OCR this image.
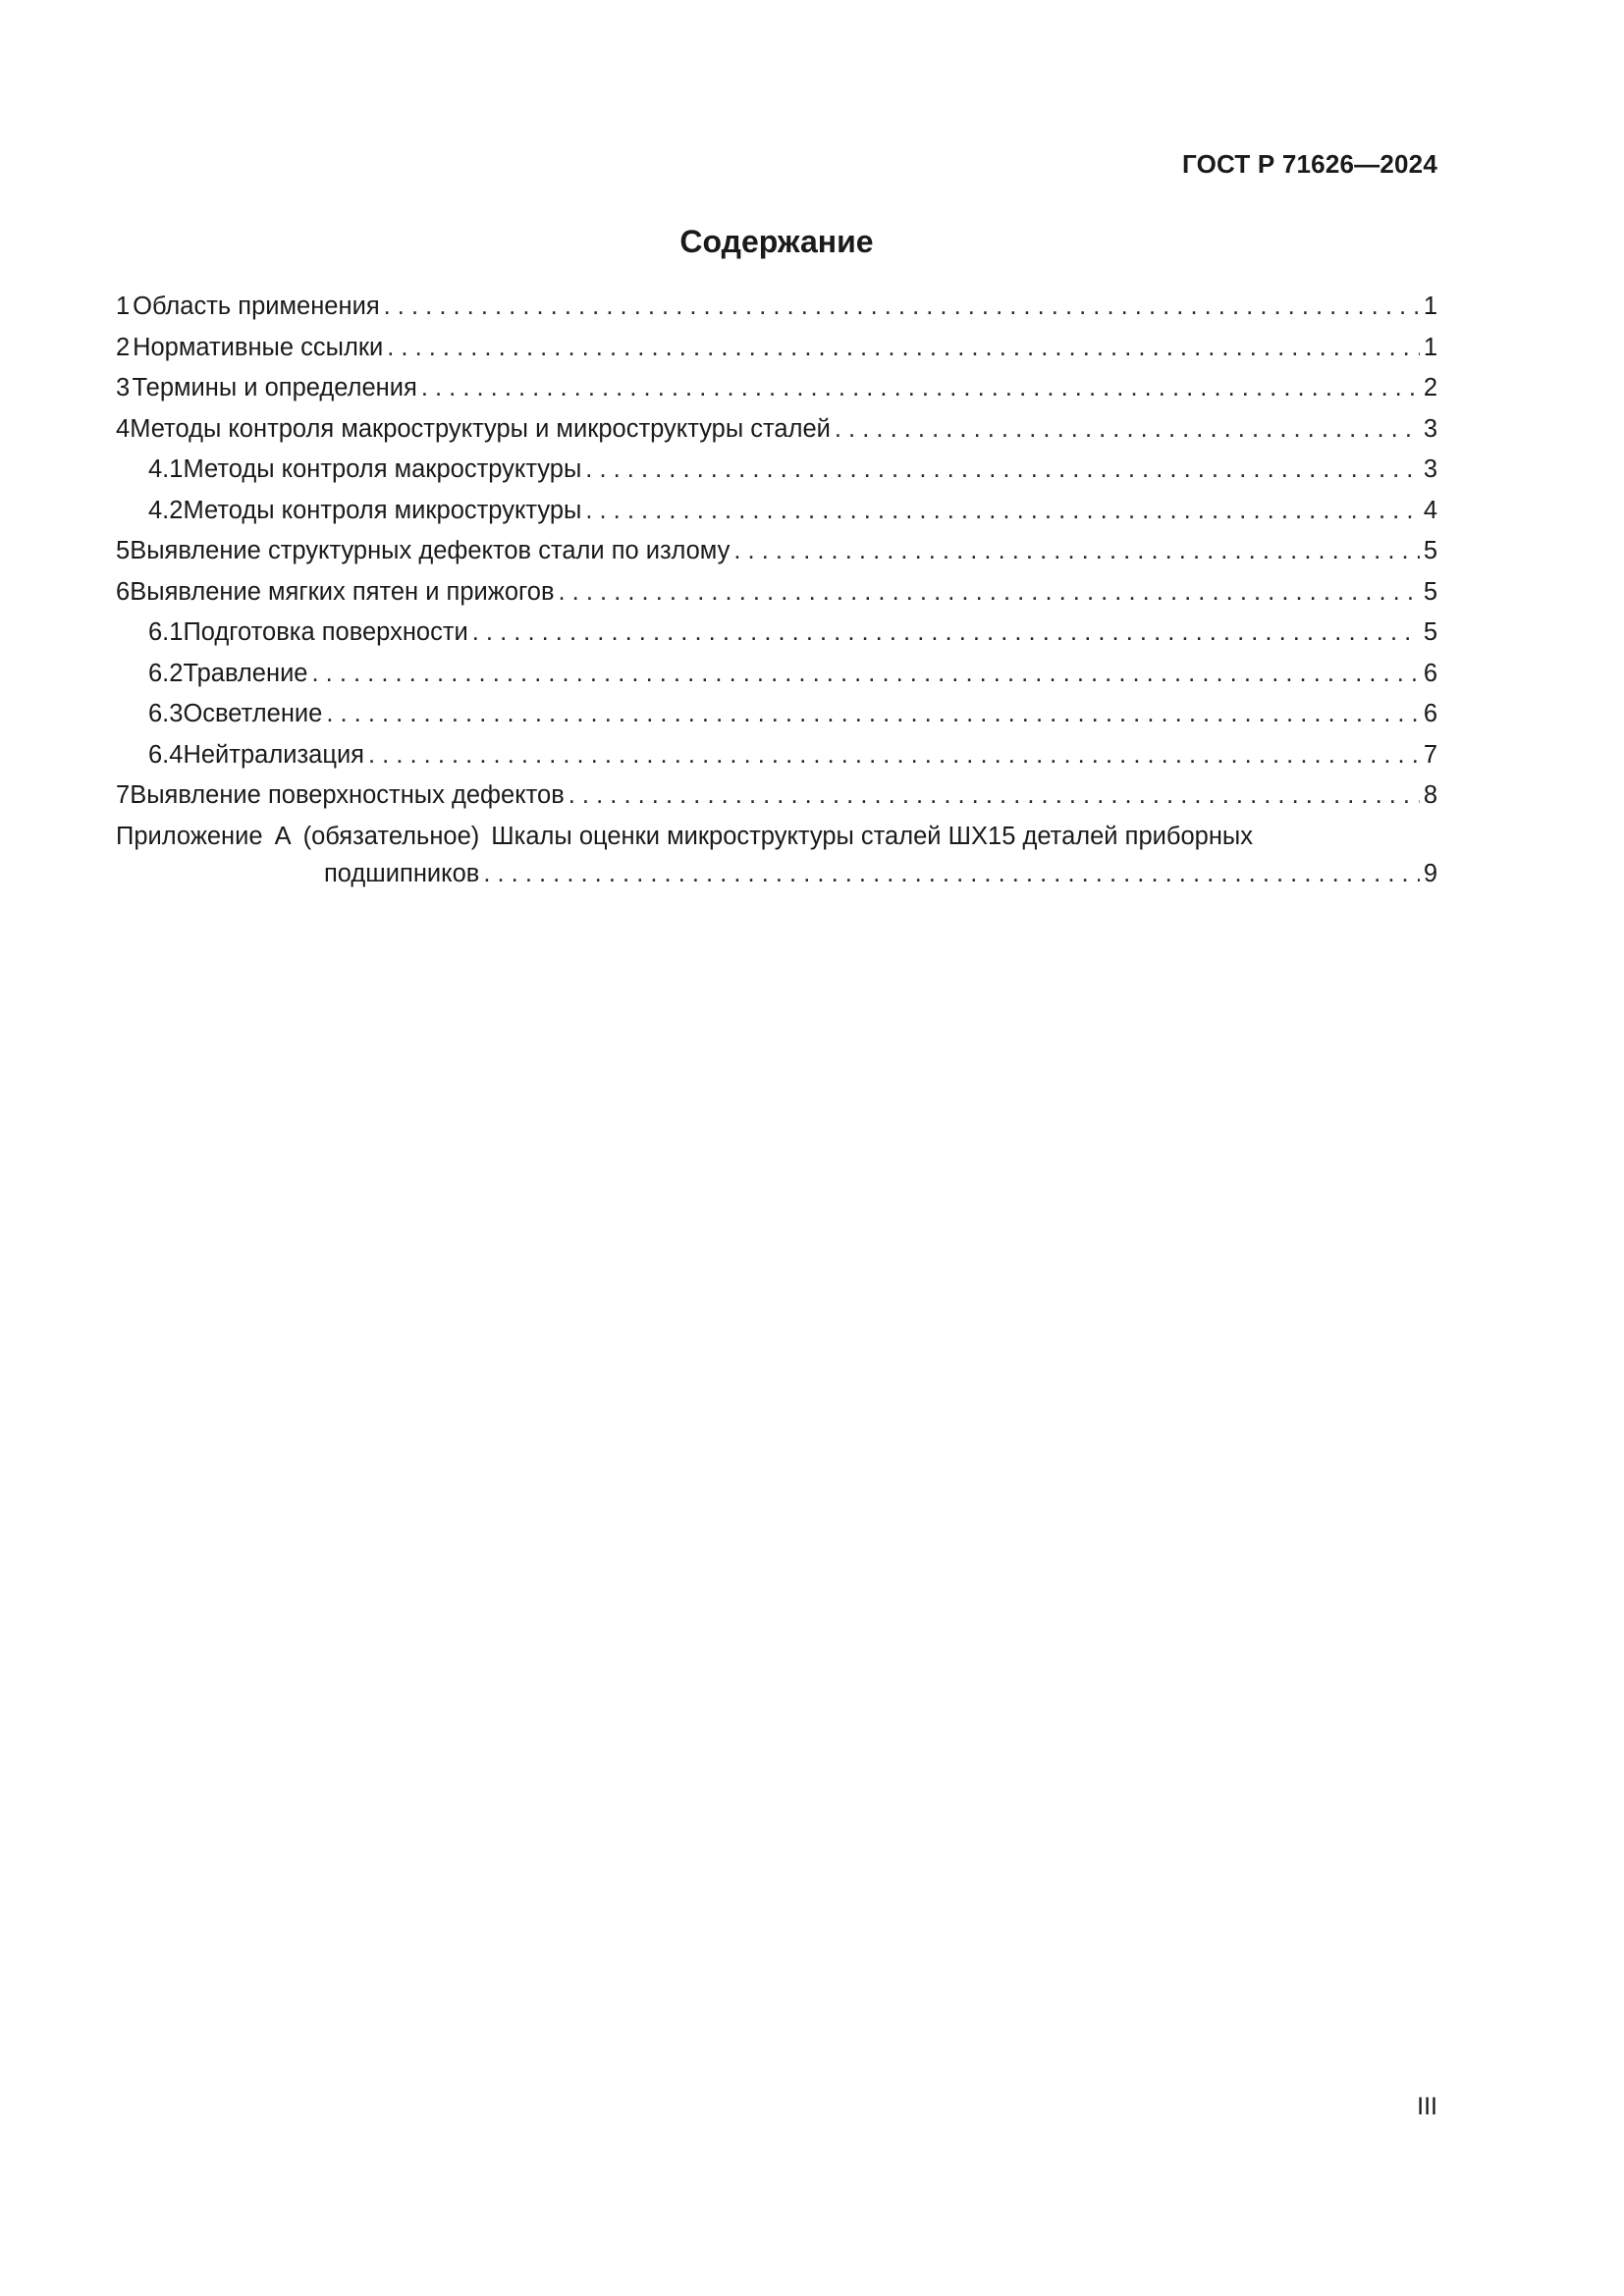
ГОСТ Р 71626—2024
Содержание
1 Область применения . . .	1
2 Нормативные ссылки . . .	1
3 Термины и определения . . .	2
4 Методы контроля макроструктуры и микроструктуры сталей . . .	3
4.1 Методы контроля макроструктуры . . .	3
4.2 Методы контроля микроструктуры . . .	4
5 Выявление структурных дефектов стали по излому . . .	5
6 Выявление мягких пятен и прижогов . . .	5
6.1 Подготовка поверхности . . .	5
6.2 Травление . . .	6
6.3 Осветление . . .	6
6.4 Нейтрализация . . .	7
7 Выявление поверхностных дефектов . . .	8
Приложение А (обязательное) Шкалы оценки микроструктуры сталей ШХ15 деталей приборных
подшипников . . .	9
III
